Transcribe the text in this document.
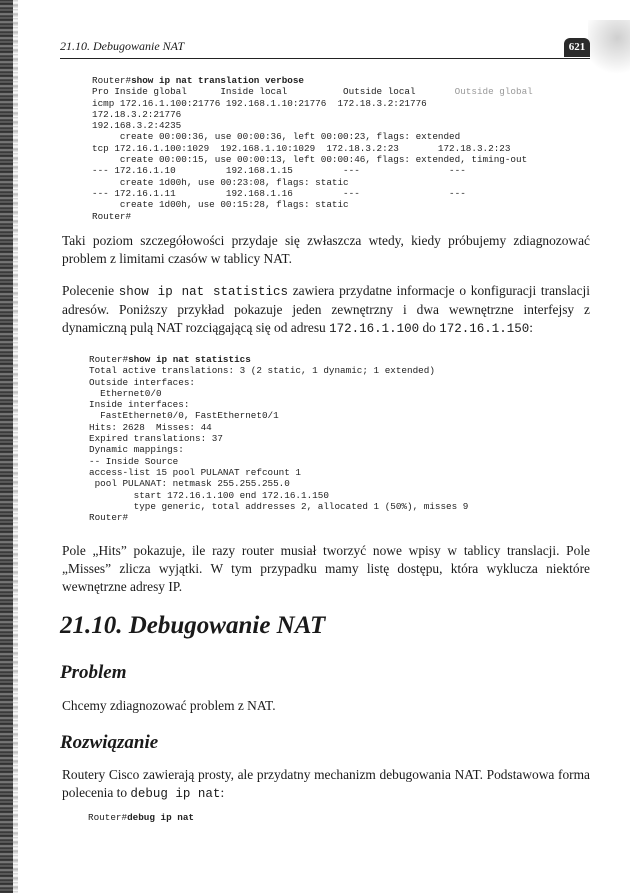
21.10. Debugowanie NAT	621
Router#show ip nat translation verbose
Pro Inside global      Inside local          Outside local       Outside global
icmp 172.16.1.100:21776 192.168.1.10:21776  172.18.3.2:21776
172.18.3.2:21776
192.168.3.2:4235
create 00:00:36, use 00:00:36, left 00:00:23, flags: extended
tcp 172.16.1.100:1029  192.168.1.10:1029  172.18.3.2:23       172.18.3.2:23
create 00:00:15, use 00:00:13, left 00:00:46, flags: extended, timing-out
--- 172.16.1.10         192.168.1.15         ---                ---
create 1d00h, use 00:23:08, flags: static
--- 172.16.1.11         192.168.1.16         ---                ---
create 1d00h, use 00:15:28, flags: static
Router#

Taki poziom szczegółowości przydaje się zwłaszcza wtedy, kiedy próbujemy zdiagnozować problem z limitami czasów w tablicy NAT.

Polecenie show ip nat statistics zawiera przydatne informacje o konfiguracji translacji adresów. Poniższy przykład pokazuje jeden zewnętrzny i dwa wewnętrzne interfejsy z dynamiczną pulą NAT rozciągającą się od adresu 172.16.1.100 do 172.16.1.150:

Router#show ip nat statistics
Total active translations: 3 (2 static, 1 dynamic; 1 extended)
Outside interfaces:
Ethernet0/0
Inside interfaces:
FastEthernet0/0, FastEthernet0/1
Hits: 2628  Misses: 44
Expired translations: 37
Dynamic mappings:
-- Inside Source
access-list 15 pool PULANAT refcount 1
pool PULANAT: netmask 255.255.255.0
start 172.16.1.100 end 172.16.1.150
type generic, total addresses 2, allocated 1 (50%), misses 9
Router#

Pole „Hits” pokazuje, ile razy router musiał tworzyć nowe wpisy w tablicy translacji. Pole „Misses” zlicza wyjątki. W tym przypadku mamy listę dostępu, która wyklucza niektóre wewnętrzne adresy IP.

21.10. Debugowanie NAT
Problem

Chcemy zdiagnozować problem z NAT.

Rozwiązanie

Routery Cisco zawierają prosty, ale przydatny mechanizm debugowania NAT. Podstawowa forma polecenia to debug ip nat:

Router#debug ip nat
